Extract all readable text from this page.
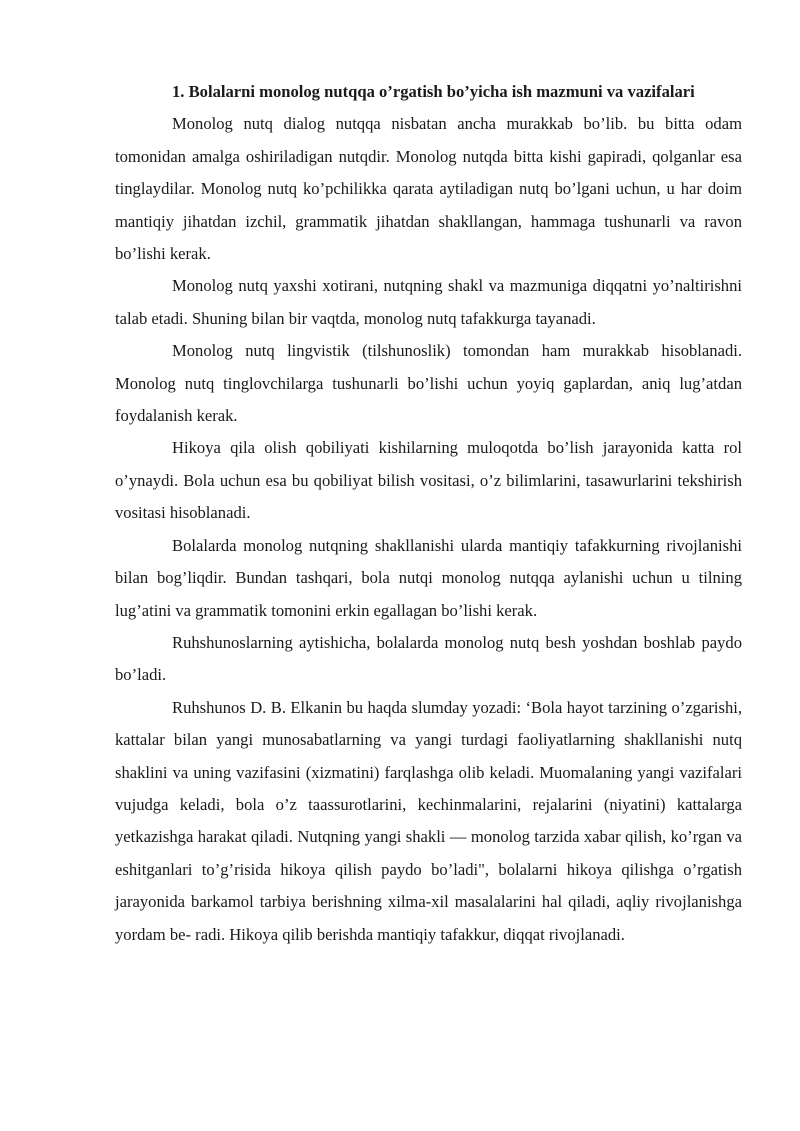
1. Bolalarni monolog nutqqa o’rgatish bo’yicha ish mazmuni va vazifalari

Monolog nutq dialog nutqqa nisbatan ancha murakkab bo’lib. bu bitta odam tomonidan amalga oshiriladigan nutqdir. Monolog nutqda bitta kishi gapiradi, qolganlar esa tinglaydilar. Monolog nutq ko’pchilikka qarata aytiladigan nutq bo’lgani uchun, u har doim mantiqiy jihatdan izchil, grammatik jihatdan shakllangan, hammaga tushunarli va ravon bo’lishi kerak.

Monolog nutq yaxshi xotirani, nutqning shakl va mazmuniga diqqatni yo’naltirishni talab etadi. Shuning bilan bir vaqtda, monolog nutq tafakkurga tayanadi.

Monolog nutq lingvistik (tilshunoslik) tomondan ham murakkab hisoblanadi. Monolog nutq tinglovchilarga tushunarli bo’lishi uchun yoyiq gaplardan, aniq lug’atdan foydalanish kerak.

Hikoya qila olish qobiliyati kishilarning muloqotda bo’lish jarayonida katta rol o’ynaydi. Bola uchun esa bu qobiliyat bilish vositasi, o’z bilimlarini, tasawurlarini tekshirish vositasi hisoblanadi.

Bolalarda monolog nutqning shakllanishi ularda mantiqiy tafakkurning rivojlanishi bilan bog’liqdir. Bundan tashqari, bola nutqi monolog nutqqa aylanishi uchun u tilning lug’atini va grammatik tomonini erkin egallagan bo’lishi kerak.

Ruhshunoslarning aytishicha, bolalarda monolog nutq besh yoshdan boshlab paydo bo’ladi.

Ruhshunos D. B. Elkanin bu haqda slumday yozadi: ‘Bola hayot tarzining o’zgarishi, kattalar bilan yangi munosabatlarning va yangi turdagi faoliyatlarning shakllanishi nutq shaklini va uning vazifasini (xizmatini) farqlashga olib keladi. Muomalaning yangi vazifalari vujudga keladi, bola o’z taassurotlarini, kechinmalarini, rejalarini (niyatini) kattalarga yetkazishga harakat qiladi. Nutqning yangi shakli — monolog tarzida xabar qilish, ko’rgan va eshitganlari to’g’risida hikoya qilish paydo bo’ladi", bolalarni hikoya qilishga o’rgatish jarayonida barkamol tarbiya berishning xilma-xil masalalarini hal qiladi, aqliy rivojlanishga yordam be- radi. Hikoya qilib berishda mantiqiy tafakkur, diqqat rivojlanadi.
